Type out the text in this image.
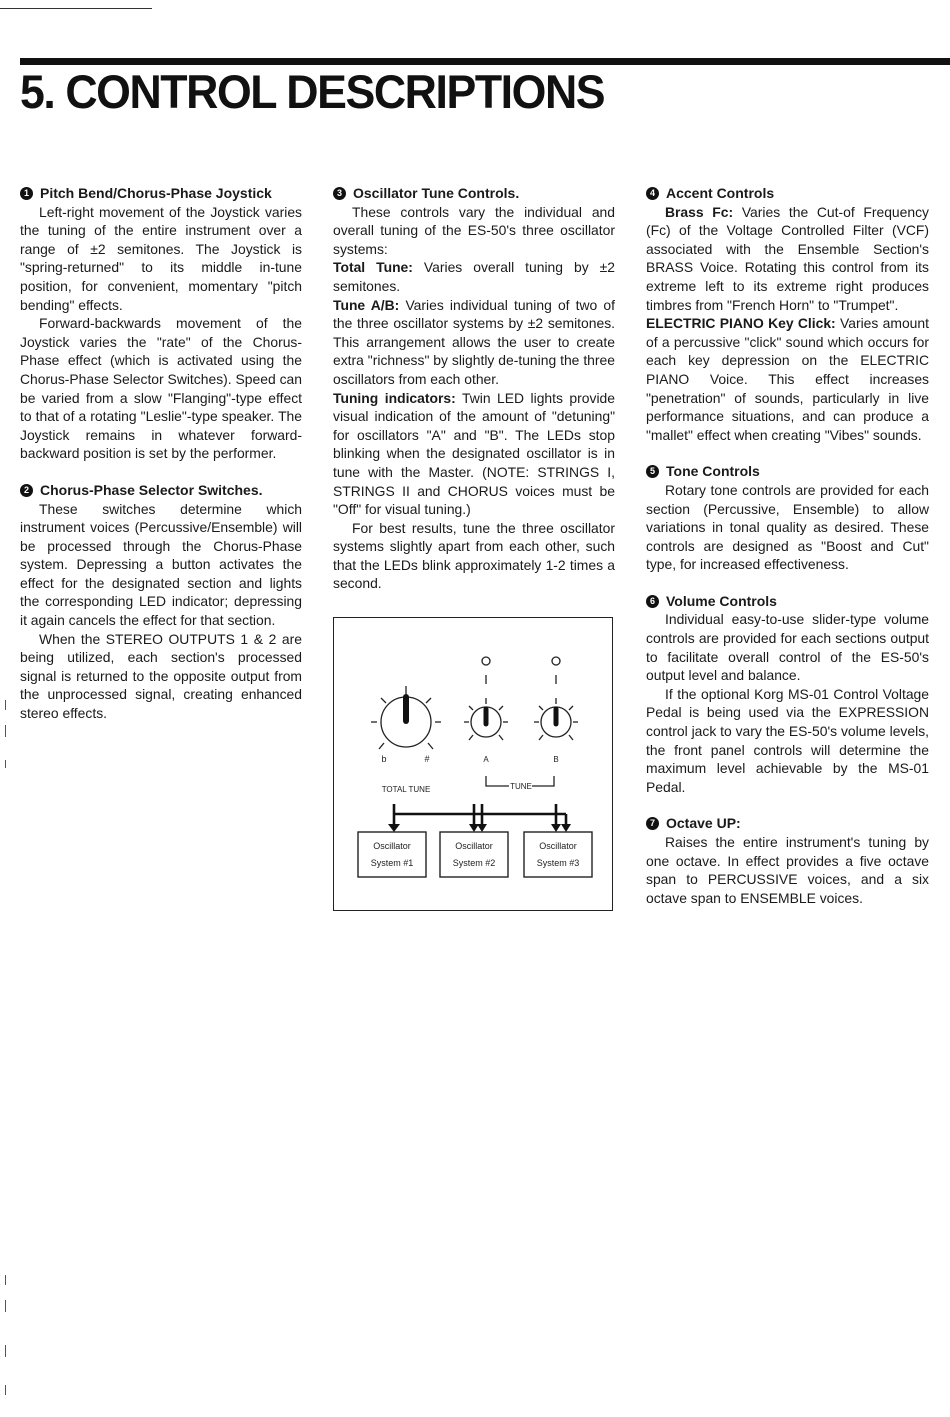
5. CONTROL DESCRIPTIONS
1 Pitch Bend/Chorus-Phase Joystick

Left-right movement of the Joystick varies the tuning of the entire instrument over a range of ±2 semitones. The Joystick is "spring-returned" to its middle in-tune position, for convenient, momentary "pitch bending" effects.

Forward-backwards movement of the Joystick varies the "rate" of the Chorus-Phase effect (which is activated using the Chorus-Phase Selector Switches). Speed can be varied from a slow "Flanging"-type effect to that of a rotating "Leslie"-type speaker. The Joystick remains in whatever forward-backward position is set by the performer.

2 Chorus-Phase Selector Switches.

These switches determine which instrument voices (Percussive/Ensemble) will be processed through the Chorus-Phase system. Depressing a button activates the effect for the designated section and lights the corresponding LED indicator; depressing it again cancels the effect for that section.

When the STEREO OUTPUTS 1 & 2 are being utilized, each section's processed signal is returned to the opposite output from the unprocessed signal, creating enhanced stereo effects.

3 Oscillator Tune Controls.

These controls vary the individual and overall tuning of the ES-50's three oscillator systems:

Total Tune: Varies overall tuning by ±2 semitones.

Tune A/B: Varies individual tuning of two of the three oscillator systems by ±2 semitones. This arrangement allows the user to create extra "richness" by slightly de-tuning the three oscillators from each other.

Tuning indicators: Twin LED lights provide visual indication of the amount of "detuning" for oscillators "A" and "B". The LEDs stop blinking when the designated oscillator is in tune with the Master. (NOTE: STRINGS I, STRINGS II and CHORUS voices must be "Off" for visual tuning.)

For best results, tune the three oscillator systems slightly apart from each other, such that the LEDs blink approximately 1-2 times a second.

b	#	A	B
TOTAL TUNE	TUNE
Oscillator
System #1
Oscillator
System #2
Oscillator
System #3
4 Accent Controls

Brass Fc: Varies the Cut-of Frequency (Fc) of the Voltage Controlled Filter (VCF) associated with the Ensemble Section's BRASS Voice. Rotating this control from its extreme left to its extreme right produces timbres from "French Horn" to "Trumpet".

ELECTRIC PIANO Key Click: Varies amount of a percussive "click" sound which occurs for each key depression on the ELECTRIC PIANO Voice. This effect increases "penetration" of sounds, particularly in live performance situations, and can produce a "mallet" effect when creating "Vibes" sounds.

5 Tone Controls

Rotary tone controls are provided for each section (Percussive, Ensemble) to allow variations in tonal quality as desired. These controls are designed as "Boost and Cut" type, for increased effectiveness.

6 Volume Controls

Individual easy-to-use slider-type volume controls are provided for each sections output to facilitate overall control of the ES-50's output level and balance.

If the optional Korg MS-01 Control Voltage Pedal is being used via the EXPRESSION control jack to vary the ES-50's volume levels, the front panel controls will determine the maximum level achievable by the MS-01 Pedal.

7 Octave UP:

Raises the entire instrument's tuning by one octave. In effect provides a five octave span to PERCUSSIVE voices, and a six octave span to ENSEMBLE voices.
